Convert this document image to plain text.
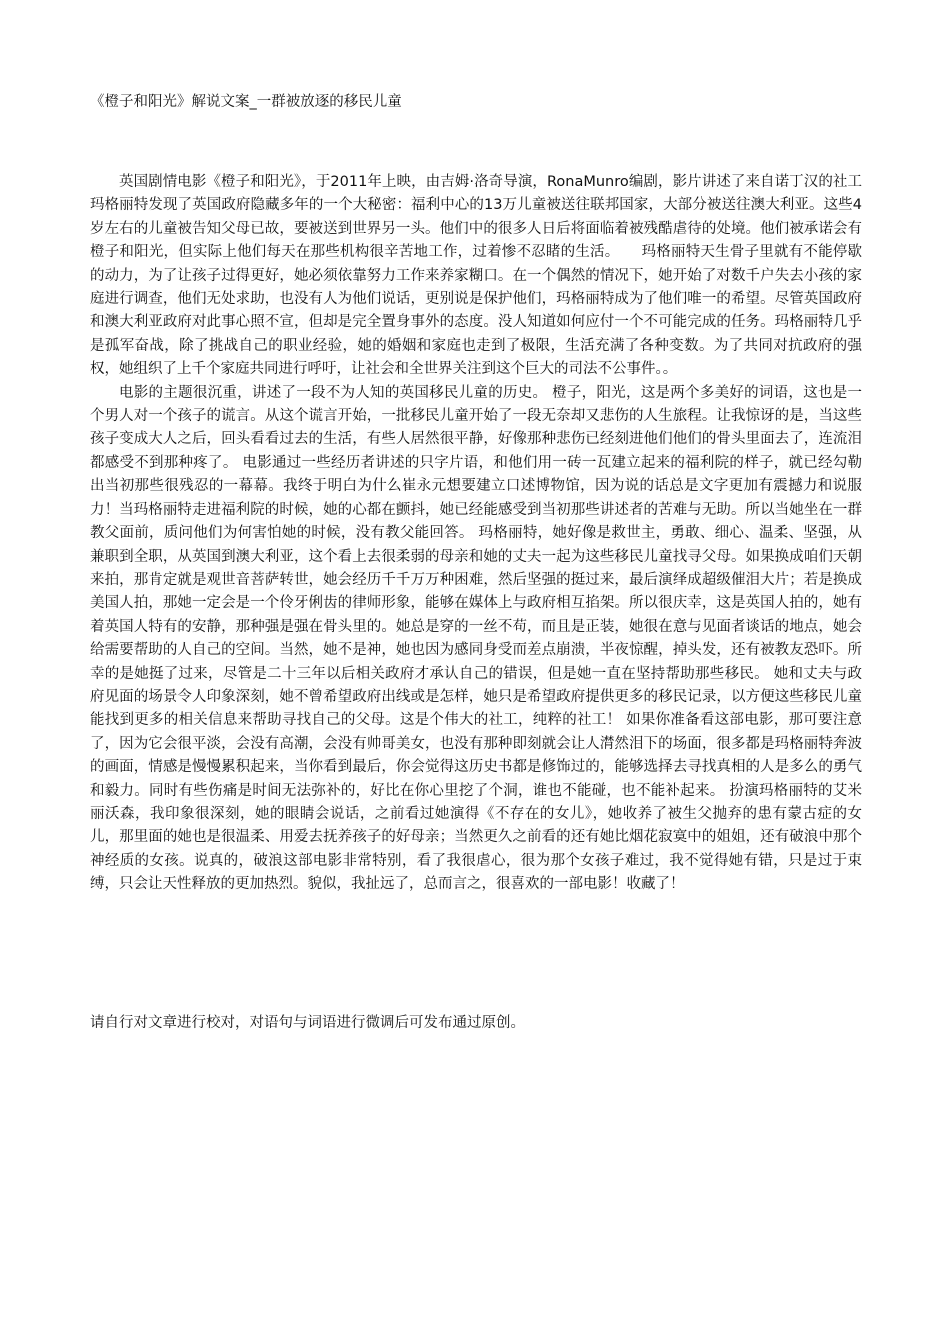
《橙子和阳光》解说文案_一群被放逐的移民儿童

英国剧情电影《橙子和阳光》，于2011年上映，由吉姆·洛奇导演，RonaMunro编剧，影片讲述了来自诺丁汉的社工玛格丽特发现了英国政府隐藏多年的一个大秘密：福利中心的13万儿童被送往联邦国家，大部分被送往澳大利亚。这些4岁左右的儿童被告知父母已故，要被送到世界另一头。他们中的很多人日后将面临着被残酷虐待的处境。他们被承诺会有橙子和阳光，但实际上他们每天在那些机构很辛苦地工作，过着惨不忍睹的生活。　　玛格丽特天生骨子里就有不能停歇的动力，为了让孩子过得更好，她必须依靠努力工作来养家糊口。在一个偶然的情况下，她开始了对数千户失去小孩的家庭进行调查，他们无处求助，也没有人为他们说话，更别说是保护他们，玛格丽特成为了他们唯一的希望。尽管英国政府和澳大利亚政府对此事心照不宣，但却是完全置身事外的态度。没人知道如何应付一个不可能完成的任务。玛格丽特几乎是孤军奋战，除了挑战自己的职业经验，她的婚姻和家庭也走到了极限，生活充满了各种变数。为了共同对抗政府的强权，她组织了上千个家庭共同进行呼吁，让社会和全世界关注到这个巨大的司法不公事件。。

电影的主题很沉重，讲述了一段不为人知的英国移民儿童的历史。 橙子，阳光，这是两个多美好的词语，这也是一个男人对一个孩子的谎言。从这个谎言开始，一批移民儿童开始了一段无奈却又悲伤的人生旅程。让我惊讶的是，当这些孩子变成大人之后，回头看看过去的生活，有些人居然很平静，好像那种悲伤已经刻进他们他们的骨头里面去了，连流泪都感受不到那种疼了。 电影通过一些经历者讲述的只字片语，和他们用一砖一瓦建立起来的福利院的样子，就已经勾勒出当初那些很残忍的一幕幕。我终于明白为什么崔永元想要建立口述博物馆，因为说的话总是文字更加有震撼力和说服力！当玛格丽特走进福利院的时候，她的心都在颤抖，她已经能感受到当初那些讲述者的苦难与无助。所以当她坐在一群教父面前，质问他们为何害怕她的时候，没有教父能回答。 玛格丽特，她好像是救世主，勇敢、细心、温柔、坚强，从兼职到全职，从英国到澳大利亚，这个看上去很柔弱的母亲和她的丈夫一起为这些移民儿童找寻父母。如果换成咱们天朝来拍，那肯定就是观世音菩萨转世，她会经历千千万万种困难，然后坚强的挺过来，最后演绎成超级催泪大片；若是换成美国人拍，那她一定会是一个伶牙俐齿的律师形象，能够在媒体上与政府相互掐架。所以很庆幸，这是英国人拍的，她有着英国人特有的安静，那种强是强在骨头里的。她总是穿的一丝不苟，而且是正装，她很在意与见面者谈话的地点，她会给需要帮助的人自己的空间。当然，她不是神，她也因为感同身受而差点崩溃，半夜惊醒，掉头发，还有被教友恐吓。所幸的是她挺了过来，尽管是二十三年以后相关政府才承认自己的错误，但是她一直在坚持帮助那些移民。 她和丈夫与政府见面的场景令人印象深刻，她不曾希望政府出线或是怎样，她只是希望政府提供更多的移民记录，以方便这些移民儿童能找到更多的相关信息来帮助寻找自己的父母。这是个伟大的社工，纯粹的社工！ 如果你准备看这部电影，那可要注意了，因为它会很平淡，会没有高潮，会没有帅哥美女，也没有那种即刻就会让人潸然泪下的场面，很多都是玛格丽特奔波的画面，情感是慢慢累积起来，当你看到最后，你会觉得这历史书都是修饰过的，能够选择去寻找真相的人是多么的勇气和毅力。同时有些伤痛是时间无法弥补的，好比在你心里挖了个洞，谁也不能碰，也不能补起来。 扮演玛格丽特的艾米丽沃森，我印象很深刻，她的眼睛会说话，之前看过她演得《不存在的女儿》，她收养了被生父抛弃的患有蒙古症的女儿，那里面的她也是很温柔、用爱去抚养孩子的好母亲；当然更久之前看的还有她比烟花寂寞中的姐姐，还有破浪中那个神经质的女孩。说真的，破浪这部电影非常特别，看了我很虐心，很为那个女孩子难过，我不觉得她有错，只是过于束缚，只会让天性释放的更加热烈。貌似，我扯远了，总而言之，很喜欢的一部电影！收藏了！

请自行对文章进行校对，对语句与词语进行微调后可发布通过原创。
